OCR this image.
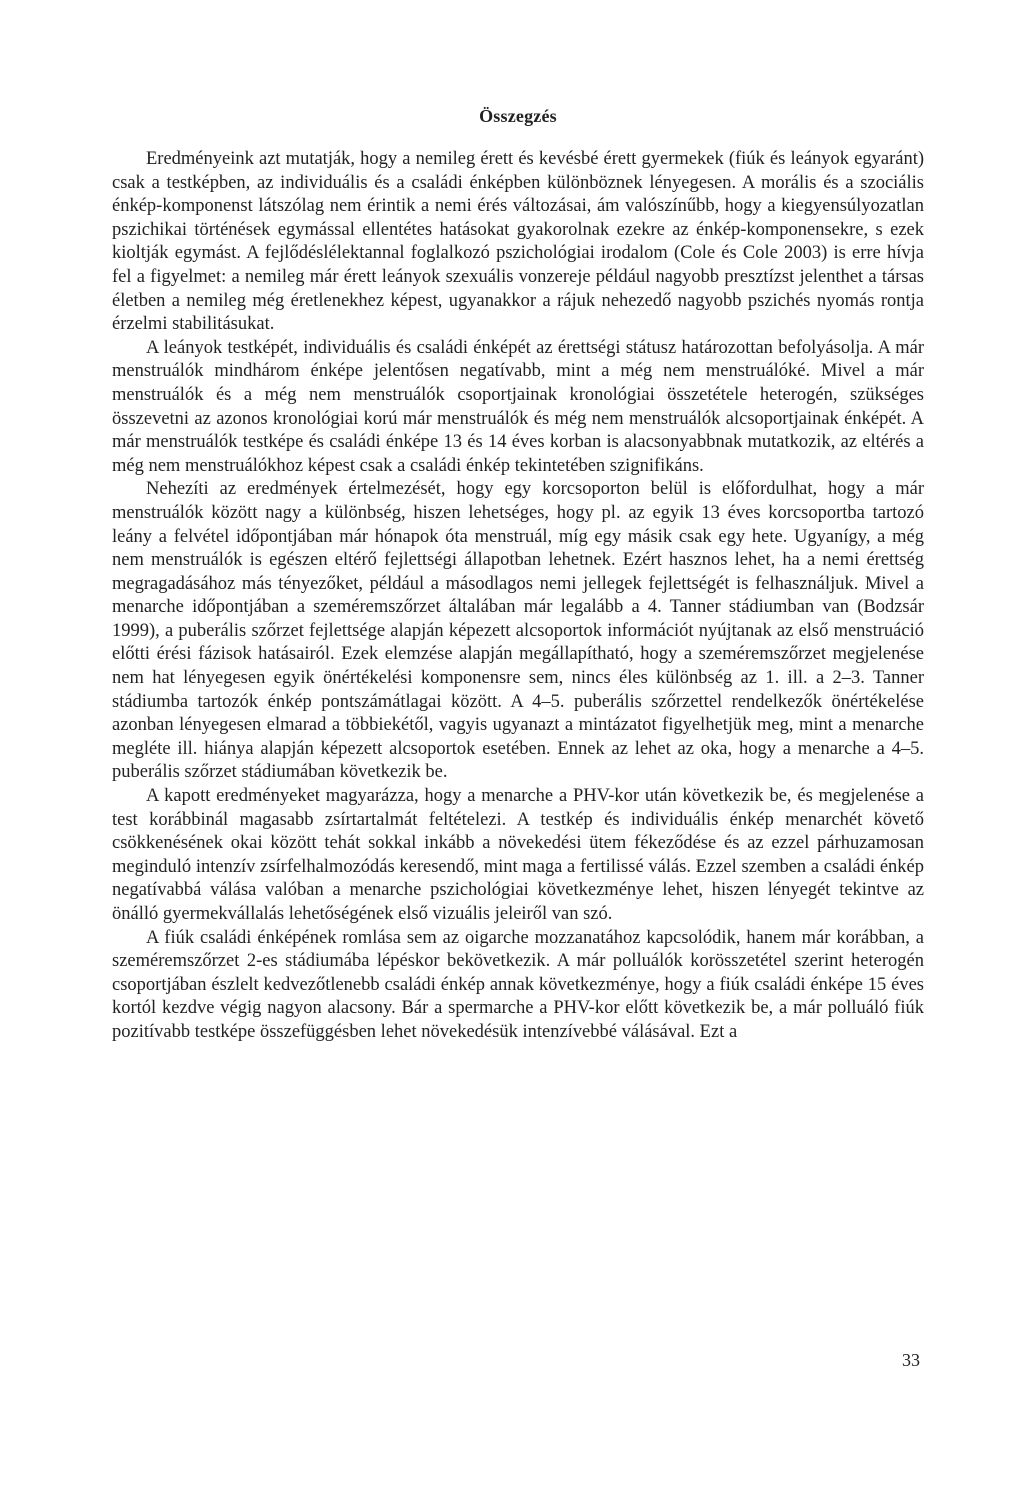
Összegzés

Eredményeink azt mutatják, hogy a nemileg érett és kevésbé érett gyermekek (fiúk és leányok egyaránt) csak a testképben, az individuális és a családi énképben különböznek lényegesen. A morális és a szociális énkép-komponenst látszólag nem érintik a nemi érés változásai, ám valószínűbb, hogy a kiegyensúlyozatlan pszichikai történések egymással ellentétes hatásokat gyakorolnak ezekre az énkép-komponensekre, s ezek kioltják egymást. A fejlődéslélektannal foglalkozó pszichológiai irodalom (Cole és Cole 2003) is erre hívja fel a figyelmet: a nemileg már érett leányok szexuális vonzereje például nagyobb presztízst jelenthet a társas életben a nemileg még éretlenekhez képest, ugyanakkor a rájuk nehezedő nagyobb pszichés nyomás rontja érzelmi stabilitásukat.

A leányok testképét, individuális és családi énképét az érettségi státusz határozottan befolyásolja. A már menstruálók mindhárom énképe jelentősen negatívabb, mint a még nem menstruálóké. Mivel a már menstruálók és a még nem menstruálók csoportjainak kronológiai összetétele heterogén, szükséges összevetni az azonos kronológiai korú már menstruálók és még nem menstruálók alcsoportjainak énképét. A már menstruálók testképe és családi énképe 13 és 14 éves korban is alacsonyabbnak mutatkozik, az eltérés a még nem menstruálókhoz képest csak a családi énkép tekintetében szignifikáns.

Nehezíti az eredmények értelmezését, hogy egy korcsoporton belül is előfordulhat, hogy a már menstruálók között nagy a különbség, hiszen lehetséges, hogy pl. az egyik 13 éves korcsoportba tartozó leány a felvétel időpontjában már hónapok óta menstruál, míg egy másik csak egy hete. Ugyanígy, a még nem menstruálók is egészen eltérő fejlettségi állapotban lehetnek. Ezért hasznos lehet, ha a nemi érettség megragadásához más tényezőket, például a másodlagos nemi jellegek fejlettségét is felhasználjuk. Mivel a menarche időpontjában a szeméremszőrzet általában már legalább a 4. Tanner stádiumban van (Bodzsár 1999), a puberális szőrzet fejlettsége alapján képezett alcsoportok információt nyújtanak az első menstruáció előtti érési fázisok hatásairól. Ezek elemzése alapján megállapítható, hogy a szeméremszőrzet megjelenése nem hat lényegesen egyik önértékelési komponensre sem, nincs éles különbség az 1. ill. a 2–3. Tanner stádiumba tartozók énkép pontszámátlagai között. A 4–5. puberális szőrzettel rendelkezők önértékelése azonban lényegesen elmarad a többiekétől, vagyis ugyanazt a mintázatot figyelhetjük meg, mint a menarche megléte ill. hiánya alapján képezett alcsoportok esetében. Ennek az lehet az oka, hogy a menarche a 4–5. puberális szőrzet stádiumában következik be.

A kapott eredményeket magyarázza, hogy a menarche a PHV-kor után következik be, és megjelenése a test korábbinál magasabb zsírtartalmát feltételezi. A testkép és individuális énkép menarchét követő csökkenésének okai között tehát sokkal inkább a növekedési ütem fékeződése és az ezzel párhuzamosan meginduló intenzív zsírfelhalmozódás keresendő, mint maga a fertilissé válás. Ezzel szemben a családi énkép negatívabbá válása valóban a menarche pszichológiai következménye lehet, hiszen lényegét tekintve az önálló gyermekvállalás lehetőségének első vizuális jeleiről van szó.

A fiúk családi énképének romlása sem az oigarche mozzanatához kapcsolódik, hanem már korábban, a szeméremszőrzet 2-es stádiumába lépéskor bekövetkezik. A már polluálók korösszetétel szerint heterogén csoportjában észlelt kedvezőtlenebb családi énkép annak következménye, hogy a fiúk családi énképe 15 éves kortól kezdve végig nagyon alacsony. Bár a spermarche a PHV-kor előtt következik be, a már polluáló fiúk pozitívabb testképe összefüggésben lehet növekedésük intenzívebbé válásával. Ezt a

33
